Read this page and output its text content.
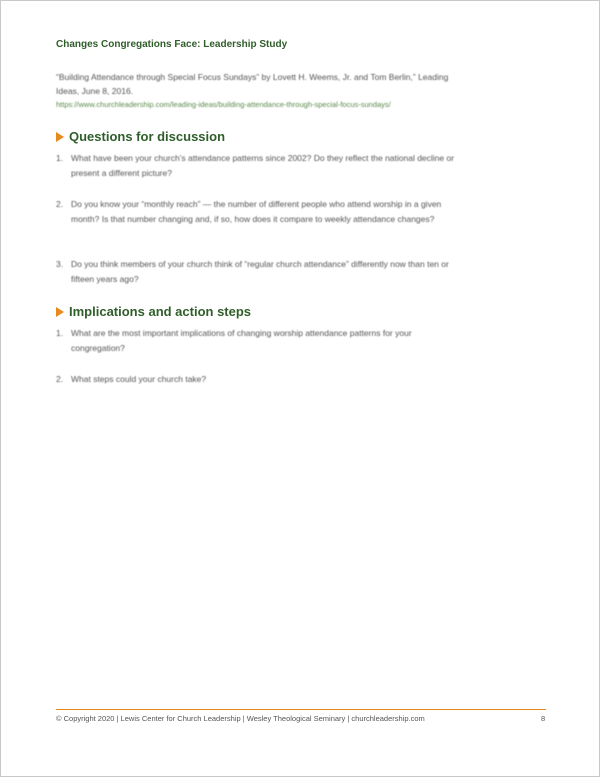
Changes Congregations Face: Leadership Study
“Building Attendance through Special Focus Sundays” by Lovett H. Weems, Jr. and Tom Berlin,” Leading Ideas, June 8, 2016.
https://www.churchleadership.com/leading-ideas/building-attendance-through-special-focus-sundays/
Questions for discussion
1. What have been your church’s attendance patterns since 2002? Do they reflect the national decline or present a different picture?
2. Do you know your “monthly reach” — the number of different people who attend worship in a given month? Is that number changing and, if so, how does it compare to weekly attendance changes?
3. Do you think members of your church think of “regular church attendance” differently now than ten or fifteen years ago?
Implications and action steps
1. What are the most important implications of changing worship attendance patterns for your congregation?
2. What steps could your church take?
© Copyright 2020 | Lewis Center for Church Leadership | Wesley Theological Seminary | churchleadership.com	8
